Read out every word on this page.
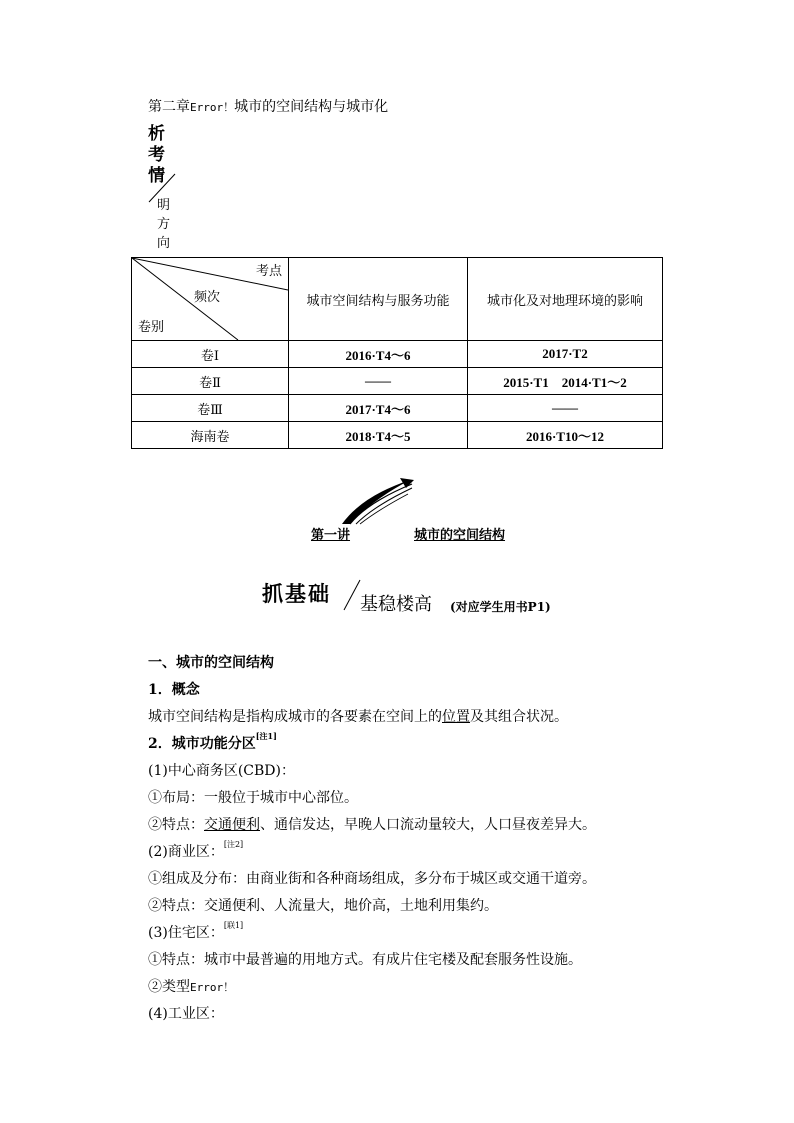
第二章Error！城市的空间结构与城市化
析
考
情
明
方
向
考点
频次
卷别	城市空间结构与服务功能	城市化及对地理环境的影响
卷Ⅰ	2016·T4～6	2017·T2
卷Ⅱ	——	2015·T1　2014·T1～2
卷Ⅲ	2017·T4～6	——
海南卷	2018·T4～5	2016·T10～12
第一讲	城市的空间结构
抓基础 基稳楼高 (对应学生用书P1)
一、城市的空间结构
1．概念
城市空间结构是指构成城市的各要素在空间上的位置及其组合状况。
2．城市功能分区[注1]
(1)中心商务区(CBD)：
①布局：一般位于城市中心部位。
②特点：交通便利、通信发达，早晚人口流动量较大，人口昼夜差异大。
(2)商业区：[注2]
①组成及分布：由商业街和各种商场组成，多分布于城区或交通干道旁。
②特点：交通便利、人流量大，地价高，土地利用集约。
(3)住宅区：[联1]
①特点：城市中最普遍的用地方式。有成片住宅楼及配套服务性设施。
②类型Error！
(4)工业区：
